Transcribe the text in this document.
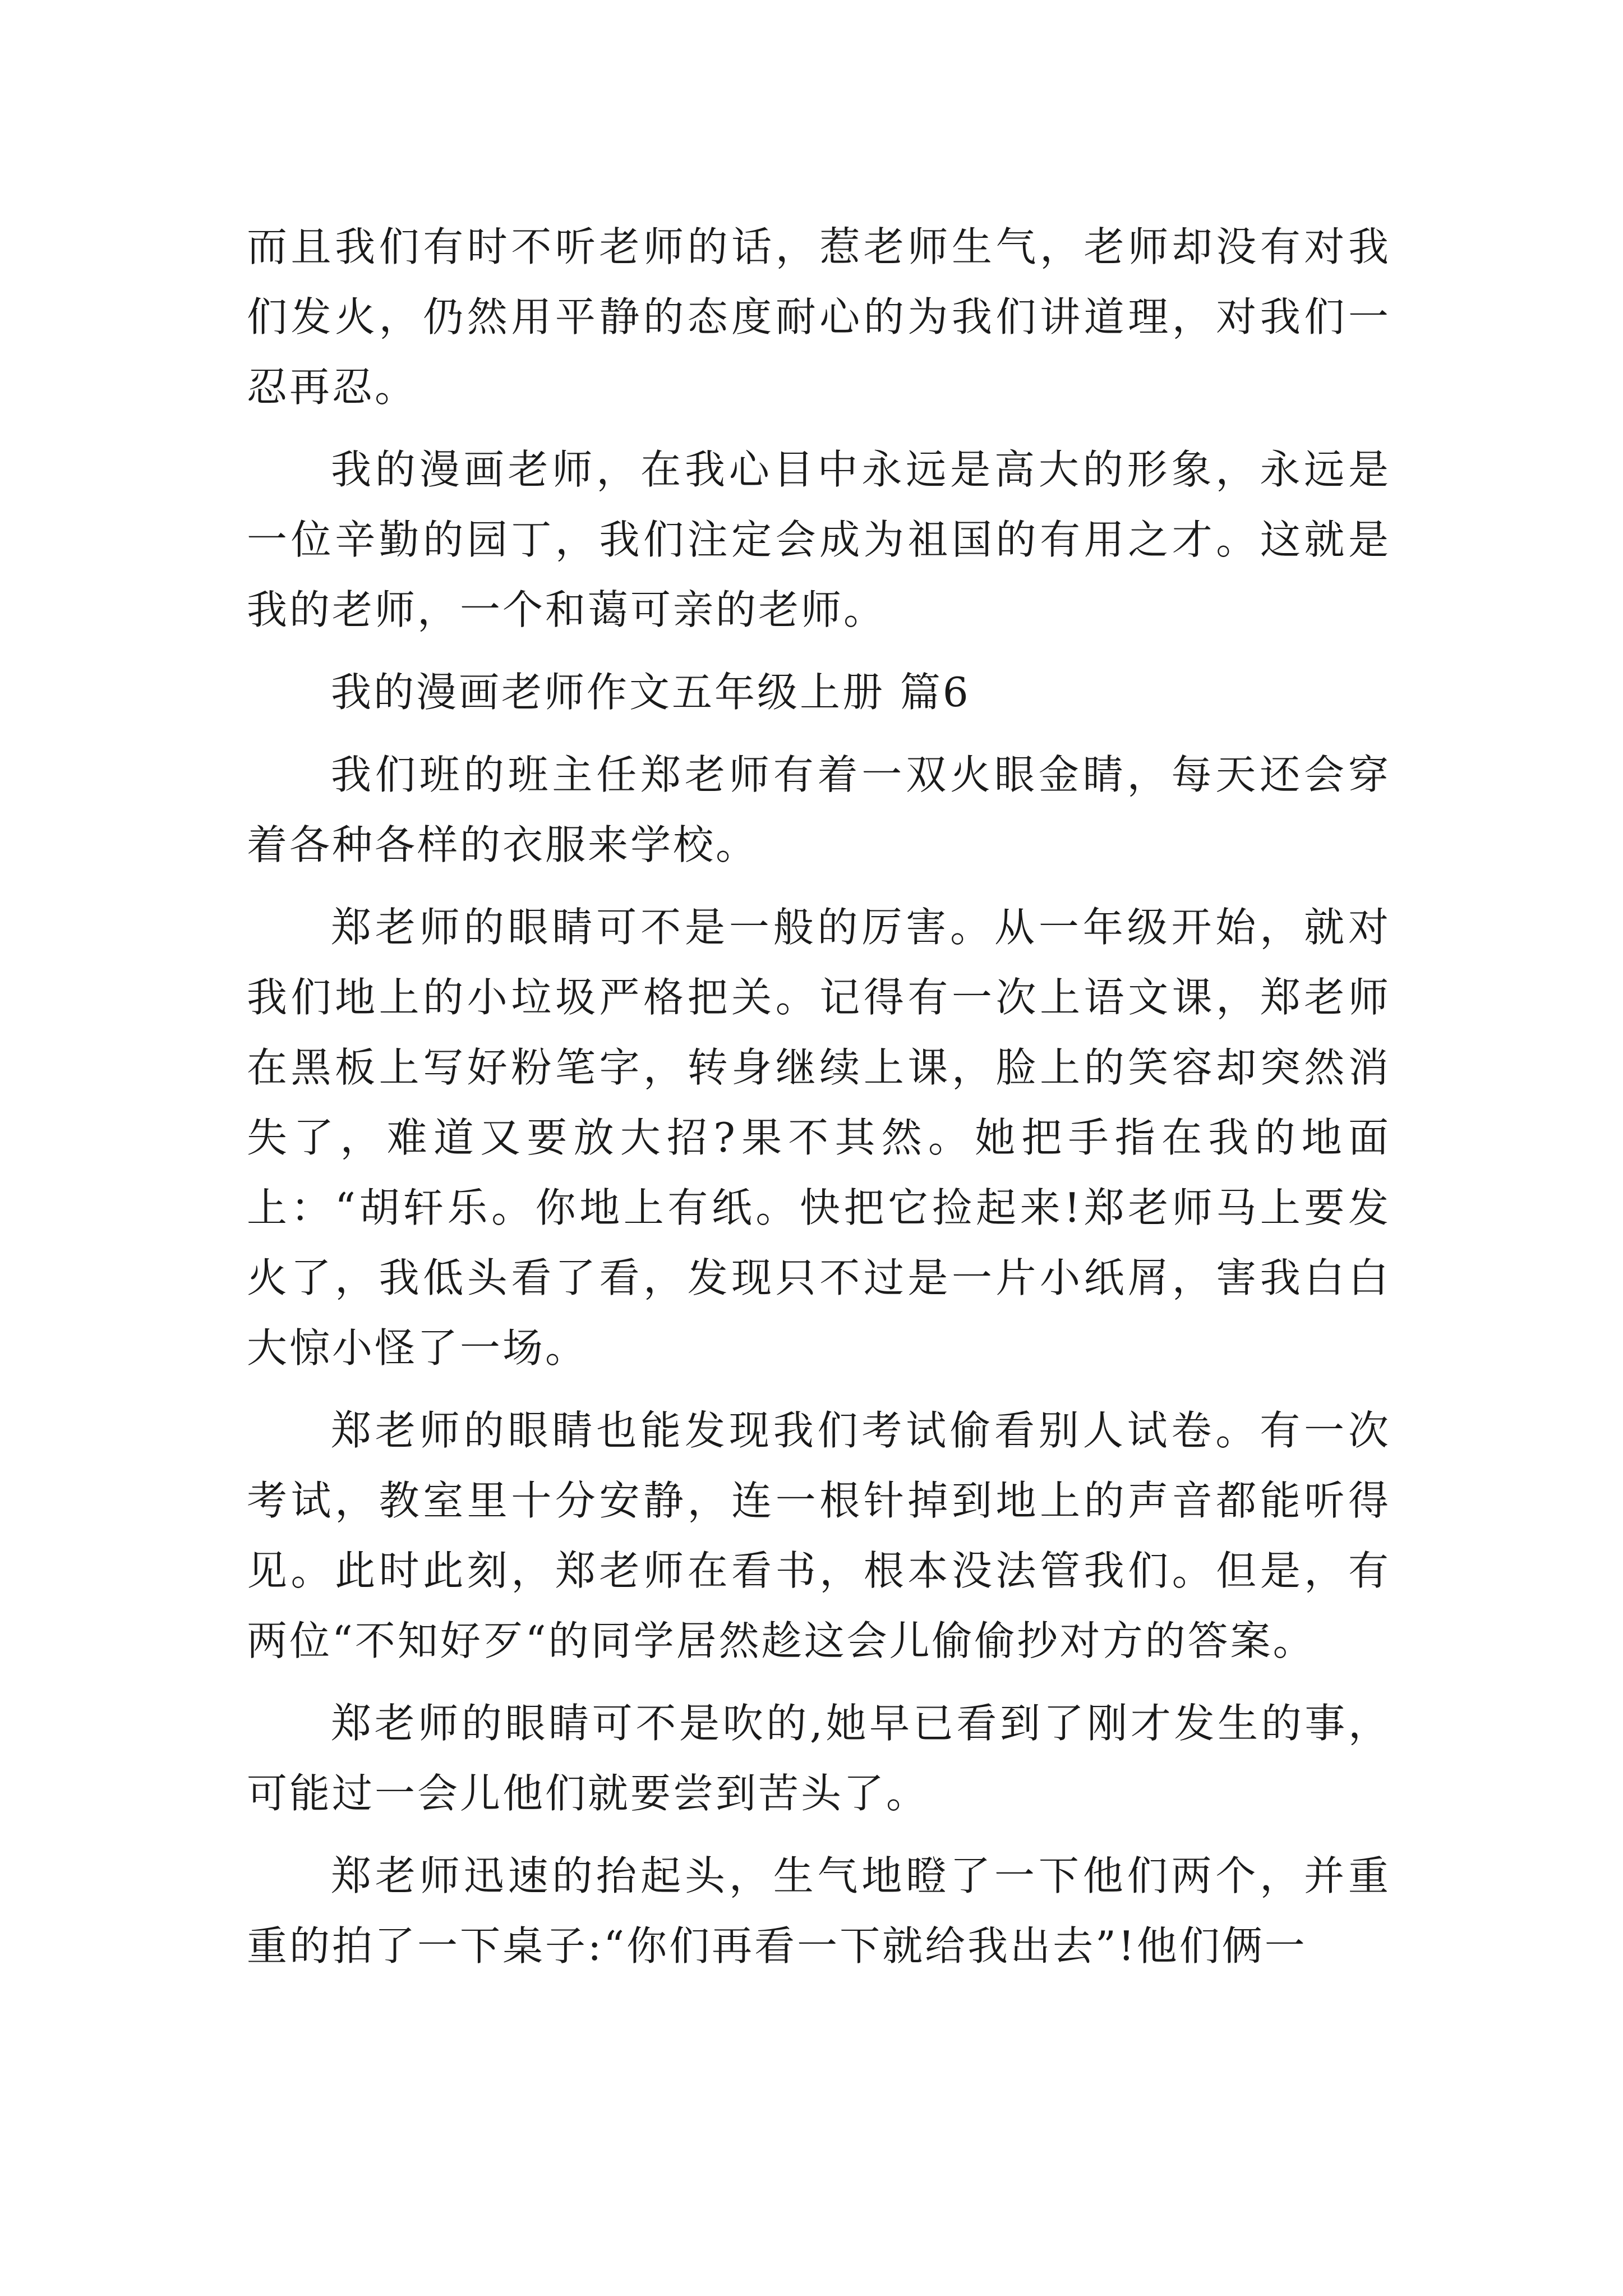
而且我们有时不听老师的话，惹老师生气，老师却没有对我们发火，仍然用平静的态度耐心的为我们讲道理，对我们一忍再忍。

我的漫画老师，在我心目中永远是高大的形象，永远是一位辛勤的园丁，我们注定会成为祖国的有用之才。这就是我的老师，一个和蔼可亲的老师。

我的漫画老师作文五年级上册 篇6

我们班的班主任郑老师有着一双火眼金睛，每天还会穿着各种各样的衣服来学校。

郑老师的眼睛可不是一般的厉害。从一年级开始，就对我们地上的小垃圾严格把关。记得有一次上语文课，郑老师在黑板上写好粉笔字，转身继续上课，脸上的笑容却突然消失了，难道又要放大招?果不其然。她把手指在我的地面上：“胡轩乐。你地上有纸。快把它捡起来!郑老师马上要发火了，我低头看了看，发现只不过是一片小纸屑，害我白白大惊小怪了一场。

郑老师的眼睛也能发现我们考试偷看别人试卷。有一次考试，教室里十分安静，连一根针掉到地上的声音都能听得见。此时此刻，郑老师在看书，根本没法管我们。但是，有两位“不知好歹“的同学居然趁这会儿偷偷抄对方的答案。

郑老师的眼睛可不是吹的,她早已看到了刚才发生的事，可能过一会儿他们就要尝到苦头了。

郑老师迅速的抬起头，生气地瞪了一下他们两个，并重重的拍了一下桌子:“你们再看一下就给我出去”!他们俩一
